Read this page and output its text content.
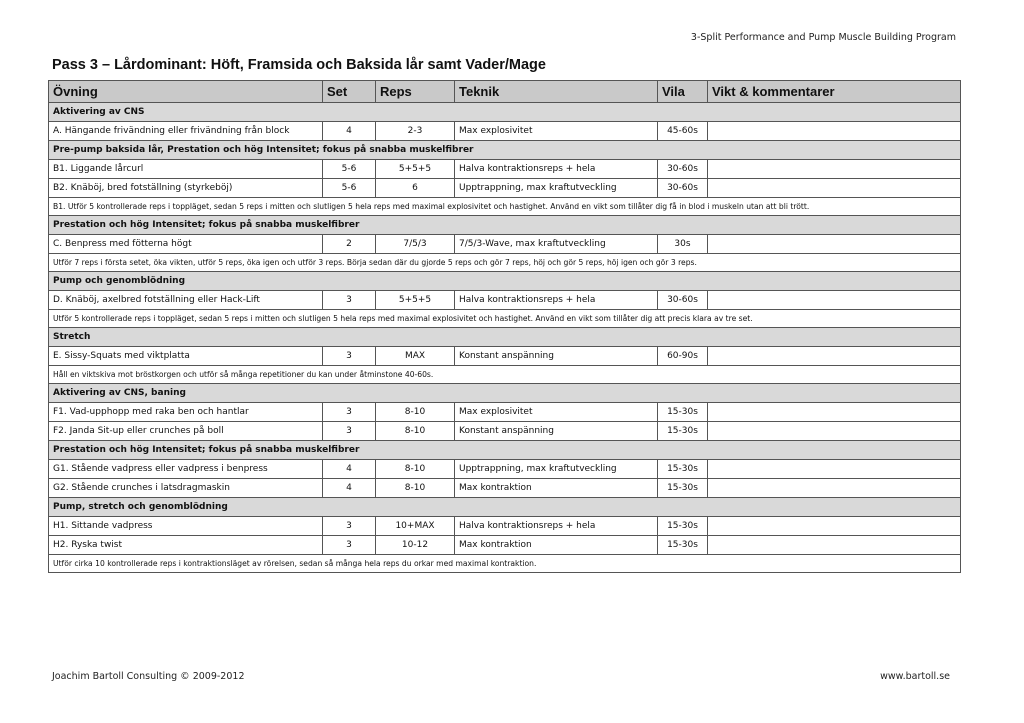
3-Split Performance and Pump Muscle Building Program
Pass 3 – Lårdominant: Höft, Framsida och Baksida lår samt Vader/Mage
Övning	Set	Reps	Teknik	Vila	Vikt & kommentarer
Aktivering av CNS					
A. Hängande frivändning eller frivändning från block	4	2-3	Max explosivitet	45-60s	
Pre-pump baksida lår, Prestation och hög Intensitet; fokus på snabba muskelfibrer					
B1. Liggande lårcurl	5-6	5+5+5	Halva kontraktionsreps + hela	30-60s	
B2. Knäböj, bred fotställning (styrkeböj)	5-6	6	Upptrappning, max kraftutveckling	30-60s	
B1. Utför 5 kontrollerade reps i toppläget, sedan 5 reps i mitten och slutligen 5 hela reps med maximal explosivitet och hastighet. Använd en vikt som tillåter dig få in blod i muskeln utan att bli trött.					
Prestation och hög Intensitet; fokus på snabba muskelfibrer					
C. Benpress med fötterna högt	2	7/5/3	7/5/3-Wave, max kraftutveckling	30s	
Utför 7 reps i första setet, öka vikten, utför 5 reps, öka igen och utför 3 reps. Börja sedan där du gjorde 5 reps och gör 7 reps, höj och gör 5 reps, höj igen och gör 3 reps.					
Pump och genomblödning					
D. Knäböj, axelbred fotställning eller Hack-Lift	3	5+5+5	Halva kontraktionsreps + hela	30-60s	
Utför 5 kontrollerade reps i toppläget, sedan 5 reps i mitten och slutligen 5 hela reps med maximal explosivitet och hastighet. Använd en vikt som tillåter dig att precis klara av tre set.					
Stretch					
E. Sissy-Squats med viktplatta	3	MAX	Konstant anspänning	60-90s	
Håll en viktskiva mot bröstkorgen och utför så många repetitioner du kan under åtminstone 40-60s.					
Aktivering av CNS, baning					
F1. Vad-upphopp med raka ben och hantlar	3	8-10	Max explosivitet	15-30s	
F2. Janda Sit-up eller crunches på boll	3	8-10	Konstant anspänning	15-30s	
Prestation och hög Intensitet; fokus på snabba muskelfibrer					
G1. Stående vadpress eller vadpress i benpress	4	8-10	Upptrappning, max kraftutveckling	15-30s	
G2. Stående crunches i latsdragmaskin	4	8-10	Max kontraktion	15-30s	
Pump, stretch och genomblödning					
H1. Sittande vadpress	3	10+MAX	Halva kontraktionsreps + hela	15-30s	
H2. Ryska twist	3	10-12	Max kontraktion	15-30s	
Utför cirka 10 kontrollerade reps i kontraktionsläget av rörelsen, sedan så många hela reps du orkar med maximal kontraktion.					
Joachim Bartoll Consulting © 2009-2012	www.bartoll.se
